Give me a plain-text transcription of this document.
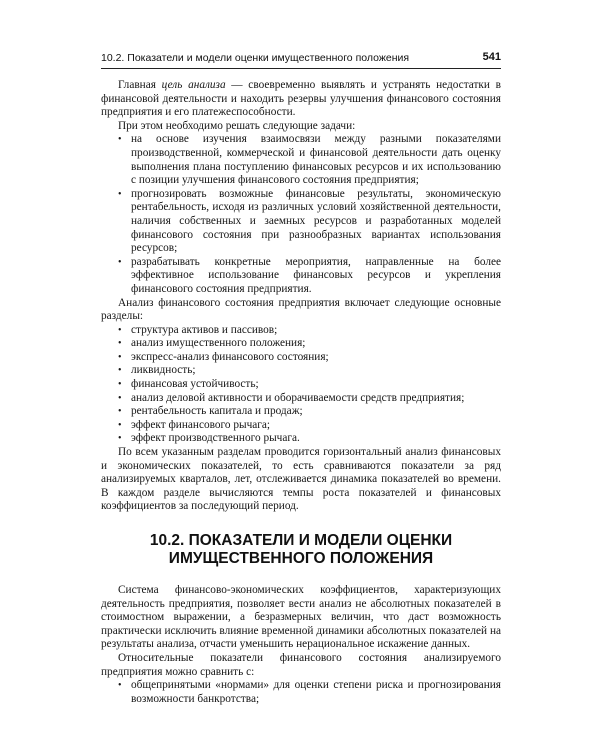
10.2. Показатели и модели оценки имущественного положения	541

Главная цель анализа — своевременно выявлять и устранять недостатки в финансовой деятельности и находить резервы улучшения финансового состояния предприятия и его платежеспособности.

При этом необходимо решать следующие задачи:

• на основе изучения взаимосвязи между разными показателями производственной, коммерческой и финансовой деятельности дать оценку выполнения плана поступлению финансовых ресурсов и их использованию с позиции улучшения финансового состояния предприятия;
• прогнозировать возможные финансовые результаты, экономическую рентабельность, исходя из различных условий хозяйственной деятельности, наличия собственных и заемных ресурсов и разработанных моделей финансового состояния при разнообразных вариантах использования ресурсов;
• разрабатывать конкретные мероприятия, направленные на более эффективное использование финансовых ресурсов и укрепления финансового состояния предприятия.

Анализ финансового состояния предприятия включает следующие основные разделы:

• структура активов и пассивов;
• анализ имущественного положения;
• экспресс-анализ финансового состояния;
• ликвидность;
• финансовая устойчивость;
• анализ деловой активности и оборачиваемости средств предприятия;
• рентабельность капитала и продаж;
• эффект финансового рычага;
• эффект производственного рычага.

По всем указанным разделам проводится горизонтальный анализ финансовых и экономических показателей, то есть сравниваются показатели за ряд анализируемых кварталов, лет, отслеживается динамика показателей во времени. В каждом разделе вычисляются темпы роста показателей и финансовых коэффициентов за последующий период.

10.2. ПОКАЗАТЕЛИ И МОДЕЛИ ОЦЕНКИ
ИМУЩЕСТВЕННОГО ПОЛОЖЕНИЯ

Система финансово-экономических коэффициентов, характеризующих деятельность предприятия, позволяет вести анализ не абсолютных показателей в стоимостном выражении, а безразмерных величин, что даст возможность практически исключить влияние временной динамики абсолютных показателей на результаты анализа, отчасти уменьшить нерациональное искажение данных.

Относительные показатели финансового состояния анализируемого предприятия можно сравнить с:

• общепринятыми «нормами» для оценки степени риска и прогнозирования возможности банкротства;
